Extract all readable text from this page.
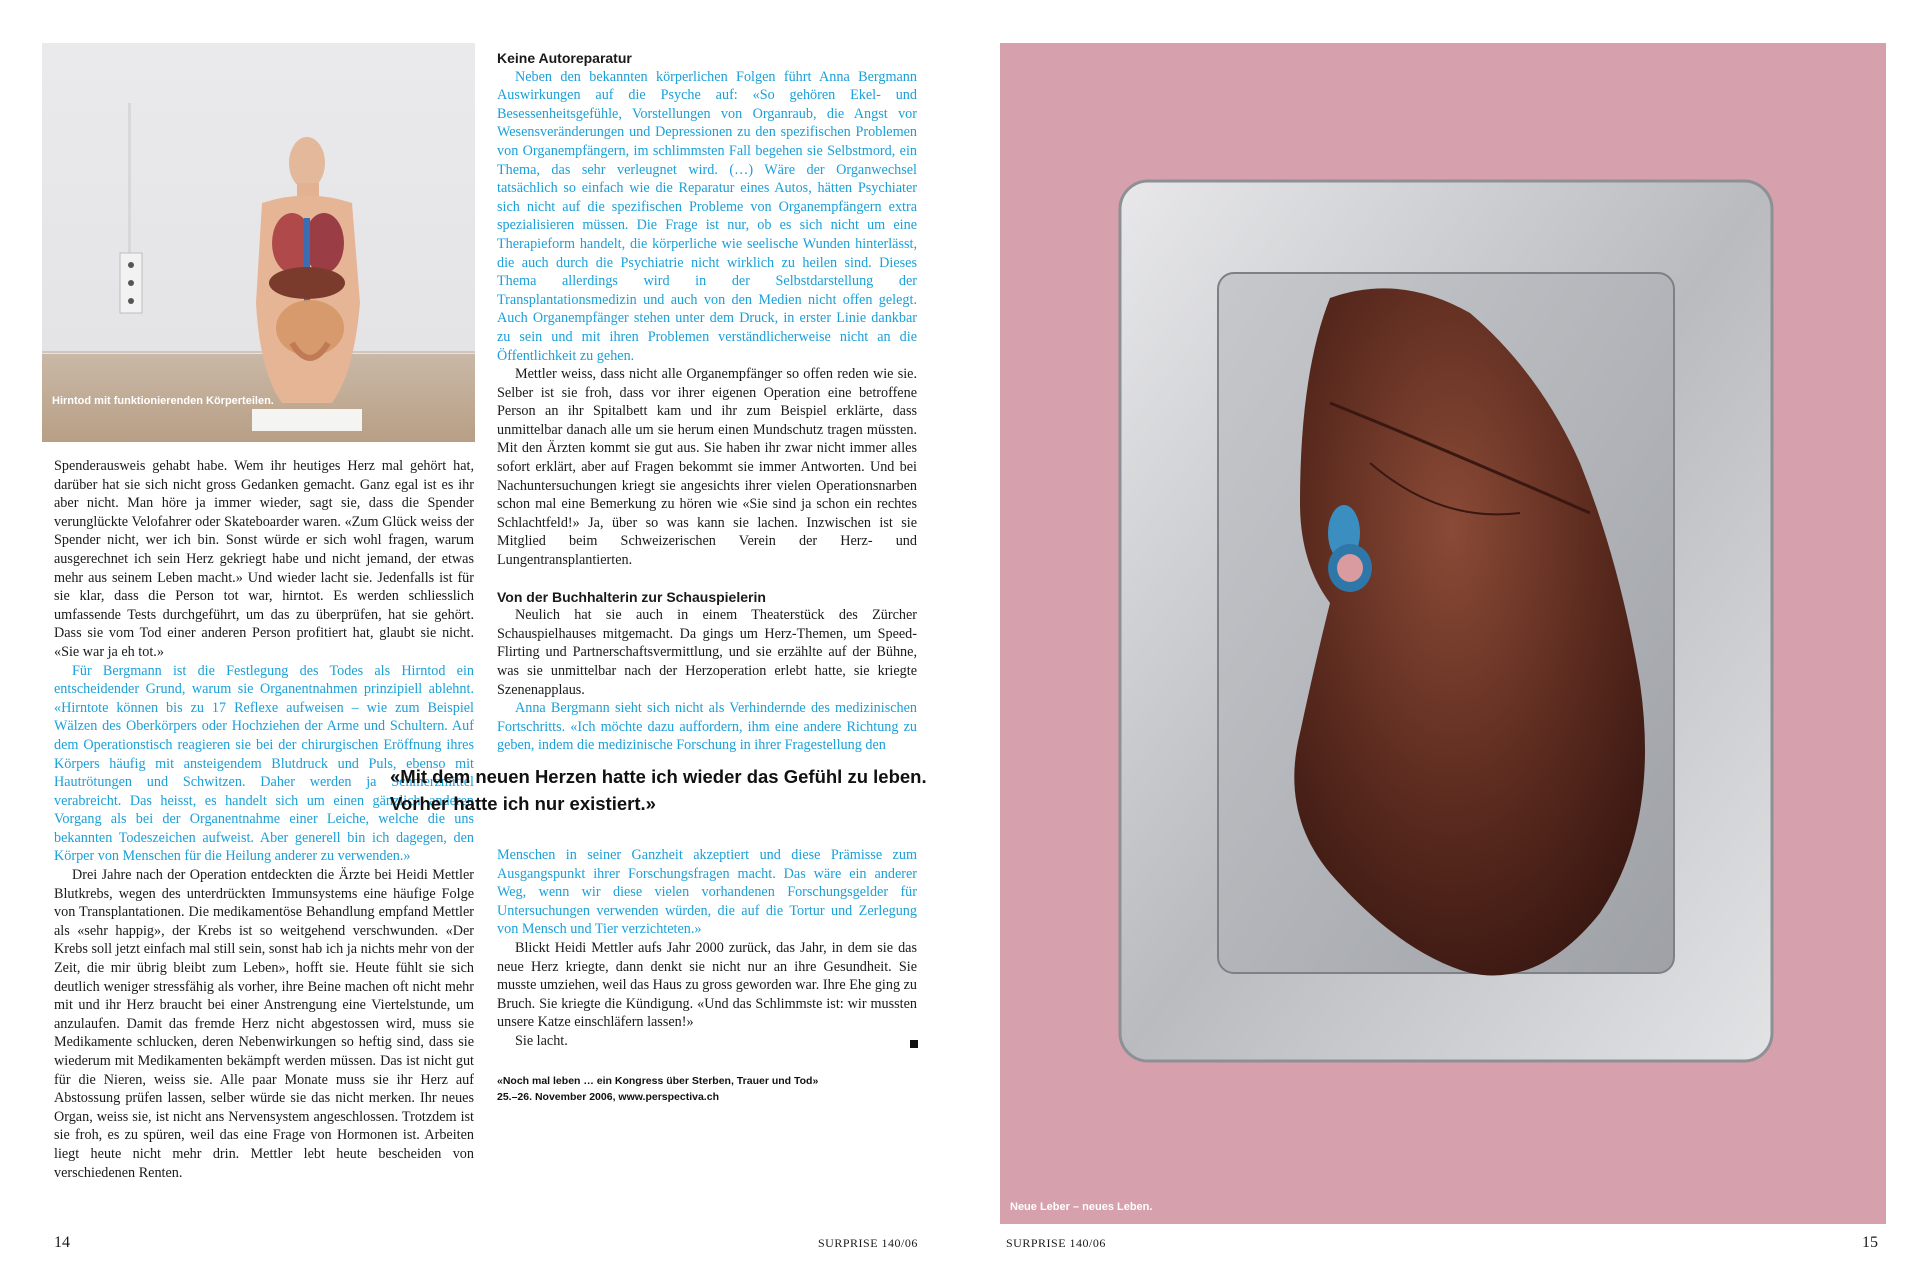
Hirntod mit funktionierenden Körperteilen.

Spenderausweis gehabt habe. Wem ihr heutiges Herz mal gehört hat, darüber hat sie sich nicht gross Gedanken gemacht. Ganz egal ist es ihr aber nicht. Man höre ja immer wieder, sagt sie, dass die Spender verunglückte Velofahrer oder Skateboarder waren. «Zum Glück weiss der Spender nicht, wer ich bin. Sonst würde er sich wohl fragen, warum ausgerechnet ich sein Herz gekriegt habe und nicht jemand, der etwas mehr aus seinem Leben macht.» Und wieder lacht sie. Jedenfalls ist für sie klar, dass die Person tot war, hirntot. Es werden schliesslich umfassende Tests durchgeführt, um das zu überprüfen, hat sie gehört. Dass sie vom Tod einer anderen Person profitiert hat, glaubt sie nicht. «Sie war ja eh tot.»

Für Bergmann ist die Festlegung des Todes als Hirntod ein entscheidender Grund, warum sie Organentnahmen prinzipiell ablehnt. «Hirntote können bis zu 17 Reflexe aufweisen – wie zum Beispiel Wälzen des Oberkörpers oder Hochziehen der Arme und Schultern. Auf dem Operationstisch reagieren sie bei der chirurgischen Eröffnung ihres Körpers häufig mit ansteigendem Blutdruck und Puls, ebenso mit Hautrötungen und Schwitzen. Daher werden ja Schmerzmittel verabreicht. Das heisst, es handelt sich um einen gänzlich anderen Vorgang als bei der Organentnahme einer Leiche, welche die uns bekannten Todeszeichen aufweist. Aber generell bin ich dagegen, den Körper von Menschen für die Heilung anderer zu verwenden.»

Drei Jahre nach der Operation entdeckten die Ärzte bei Heidi Mettler Blutkrebs, wegen des unterdrückten Immunsystems eine häufige Folge von Transplantationen. Die medikamentöse Behandlung empfand Mettler als «sehr happig», der Krebs ist so weitgehend verschwunden. «Der Krebs soll jetzt einfach mal still sein, sonst hab ich ja nichts mehr von der Zeit, die mir übrig bleibt zum Leben», hofft sie. Heute fühlt sie sich deutlich weniger stressfähig als vorher, ihre Beine machen oft nicht mehr mit und ihr Herz braucht bei einer Anstrengung eine Viertelstunde, um anzulaufen. Damit das fremde Herz nicht abgestossen wird, muss sie Medikamente schlucken, deren Nebenwirkungen so heftig sind, dass sie wiederum mit Medikamenten bekämpft werden müssen. Das ist nicht gut für die Nieren, weiss sie. Alle paar Monate muss sie ihr Herz auf Abstossung prüfen lassen, selber würde sie das nicht merken. Ihr neues Organ, weiss sie, ist nicht ans Nervensystem angeschlossen. Trotzdem ist sie froh, es zu spüren, weil das eine Frage von Hormonen ist. Arbeiten liegt heute nicht mehr drin. Mettler lebt heute bescheiden von verschiedenen Renten.

Keine Autoreparatur

Neben den bekannten körperlichen Folgen führt Anna Bergmann Auswirkungen auf die Psyche auf: «So gehören Ekel- und Besessenheitsgefühle, Vorstellungen von Organraub, die Angst vor Wesensveränderungen und Depressionen zu den spezifischen Problemen von Organempfängern, im schlimmsten Fall begehen sie Selbstmord, ein Thema, das sehr verleugnet wird. (…) Wäre der Organwechsel tatsächlich so einfach wie die Reparatur eines Autos, hätten Psychiater sich nicht auf die spezifischen Probleme von Organempfängern extra spezialisieren müssen. Die Frage ist nur, ob es sich nicht um eine Therapieform handelt, die körperliche wie seelische Wunden hinterlässt, die auch durch die Psychiatrie nicht wirklich zu heilen sind. Dieses Thema allerdings wird in der Selbstdarstellung der Transplantationsmedizin und auch von den Medien nicht offen gelegt. Auch Organempfänger stehen unter dem Druck, in erster Linie dankbar zu sein und mit ihren Problemen verständlicherweise nicht an die Öffentlichkeit zu gehen.

Mettler weiss, dass nicht alle Organempfänger so offen reden wie sie. Selber ist sie froh, dass vor ihrer eigenen Operation eine betroffene Person an ihr Spitalbett kam und ihr zum Beispiel erklärte, dass unmittelbar danach alle um sie herum einen Mundschutz tragen müssten. Mit den Ärzten kommt sie gut aus. Sie haben ihr zwar nicht immer alles sofort erklärt, aber auf Fragen bekommt sie immer Antworten. Und bei Nachuntersuchungen kriegt sie angesichts ihrer vielen Operationsnarben schon mal eine Bemerkung zu hören wie «Sie sind ja schon ein rechtes Schlachtfeld!» Ja, über so was kann sie lachen. Inzwischen ist sie Mitglied beim Schweizerischen Verein der Herz- und Lungentransplantierten.

Von der Buchhalterin zur Schauspielerin

Neulich hat sie auch in einem Theaterstück des Zürcher Schauspielhauses mitgemacht. Da gings um Herz-Themen, um Speed-Flirting und Partnerschaftsvermittlung, und sie erzählte auf der Bühne, was sie unmittelbar nach der Herzoperation erlebt hatte, sie kriegte Szenenapplaus.

Anna Bergmann sieht sich nicht als Verhindernde des medizinischen Fortschritts. «Ich möchte dazu auffordern, ihm eine andere Richtung zu geben, indem die medizinische Forschung in ihrer Fragestellung den

«Mit dem neuen Herzen hatte ich wieder das Gefühl zu leben. Vorher hatte ich nur existiert.»

Menschen in seiner Ganzheit akzeptiert und diese Prämisse zum Ausgangspunkt ihrer Forschungsfragen macht. Das wäre ein anderer Weg, wenn wir diese vielen vorhandenen Forschungsgelder für Untersuchungen verwenden würden, die auf die Tortur und Zerlegung von Mensch und Tier verzichteten.»

Blickt Heidi Mettler aufs Jahr 2000 zurück, das Jahr, in dem sie das neue Herz kriegte, dann denkt sie nicht nur an ihre Gesundheit. Sie musste umziehen, weil das Haus zu gross geworden war. Ihre Ehe ging zu Bruch. Sie kriegte die Kündigung. «Und das Schlimmste ist: wir mussten unsere Katze einschläfern lassen!»

Sie lacht.

«Noch mal leben … ein Kongress über Sterben, Trauer und Tod»
25.–26. November 2006, www.perspectiva.ch
14	SURPRISE 140/06
Neue Leber – neues Leben.
SURPRISE 140/06	15
